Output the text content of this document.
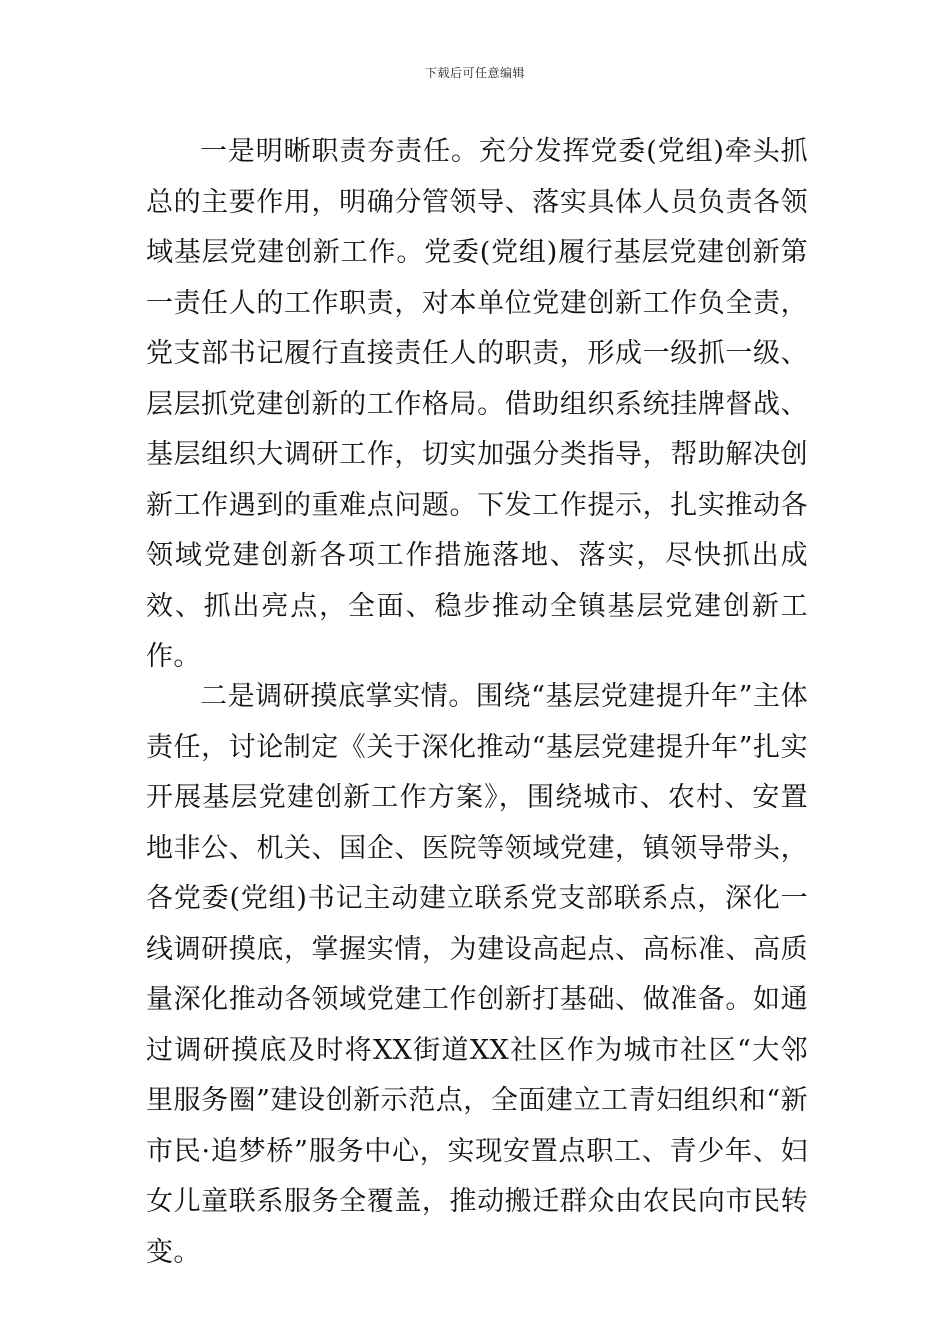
下载后可任意编辑

一是明晰职责夯责任。充分发挥党委(党组)牵头抓总的主要作用，明确分管领导、落实具体人员负责各领域基层党建创新工作。党委(党组)履行基层党建创新第一责任人的工作职责，对本单位党建创新工作负全责，党支部书记履行直接责任人的职责，形成一级抓一级、层层抓党建创新的工作格局。借助组织系统挂牌督战、基层组织大调研工作，切实加强分类指导，帮助解决创新工作遇到的重难点问题。下发工作提示，扎实推动各领域党建创新各项工作措施落地、落实，尽快抓出成效、抓出亮点，全面、稳步推动全镇基层党建创新工作。

二是调研摸底掌实情。围绕“基层党建提升年”主体责任，讨论制定《关于深化推动“基层党建提升年”扎实开展基层党建创新工作方案》，围绕城市、农村、安置地非公、机关、国企、医院等领域党建，镇领导带头，各党委(党组)书记主动建立联系党支部联系点，深化一线调研摸底，掌握实情，为建设高起点、高标准、高质量深化推动各领域党建工作创新打基础、做准备。如通过调研摸底及时将XX街道XX社区作为城市社区“大邻里服务圈”建设创新示范点，全面建立工青妇组织和“新市民·追梦桥”服务中心，实现安置点职工、青少年、妇女儿童联系服务全覆盖，推动搬迁群众由农民向市民转变。
